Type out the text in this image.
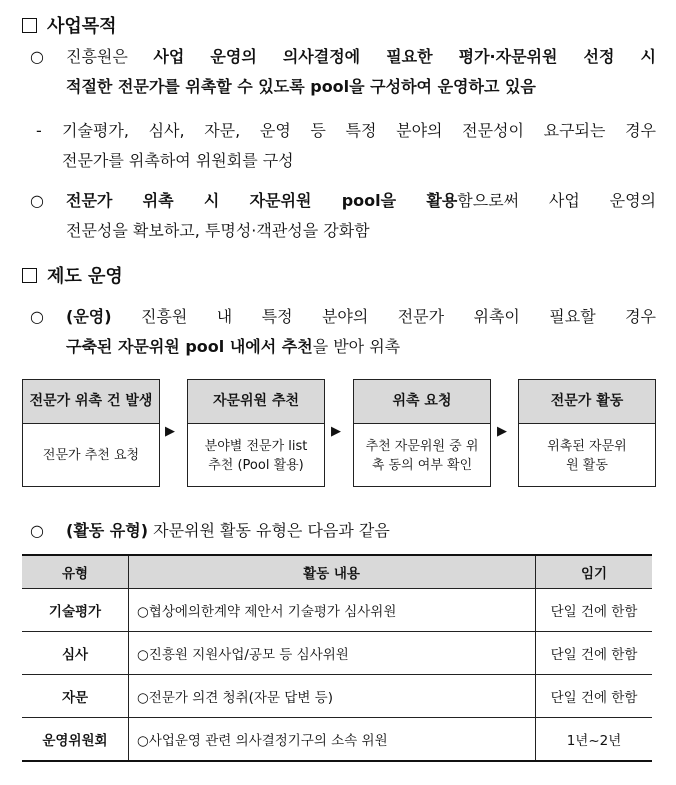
사업목적
○ 진흥원은 사업 운영의 의사결정에 필요한 평가·자문위원 선정 시
적절한 전문가를 위촉할 수 있도록 pool을 구성하여 운영하고 있음
- 기술평가, 심사, 자문, 운영 등 특정 분야의 전문성이 요구되는 경우
전문가를 위촉하여 위원회를 구성
○ 전문가 위촉 시 자문위원 pool을 활용함으로써 사업 운영의
전문성을 확보하고, 투명성·객관성을 강화함
제도 운영
○ (운영) 진흥원 내 특정 분야의 전문가 위촉이 필요할 경우
구축된 자문위원 pool 내에서 추천을 받아 위촉
전문가 위촉 건 발생
전문가 추천 요청
▶
자문위원 추천
분야별 전문가 list 추천 (Pool 활용)
▶
위촉 요청
추천 자문위원 중 위촉 동의 여부 확인
▶
전문가 활동
위촉된 자문위원 활동
○ (활동 유형) 자문위원 활동 유형은 다음과 같음
유형	활동 내용	임기
기술평가	○협상에의한계약 제안서 기술평가 심사위원	단일 건에 한함
심사	○진흥원 지원사업/공모 등 심사위원	단일 건에 한함
자문	○전문가 의견 청취(자문 답변 등)	단일 건에 한함
운영위원회	○사업운영 관련 의사결정기구의 소속 위원	1년~2년
